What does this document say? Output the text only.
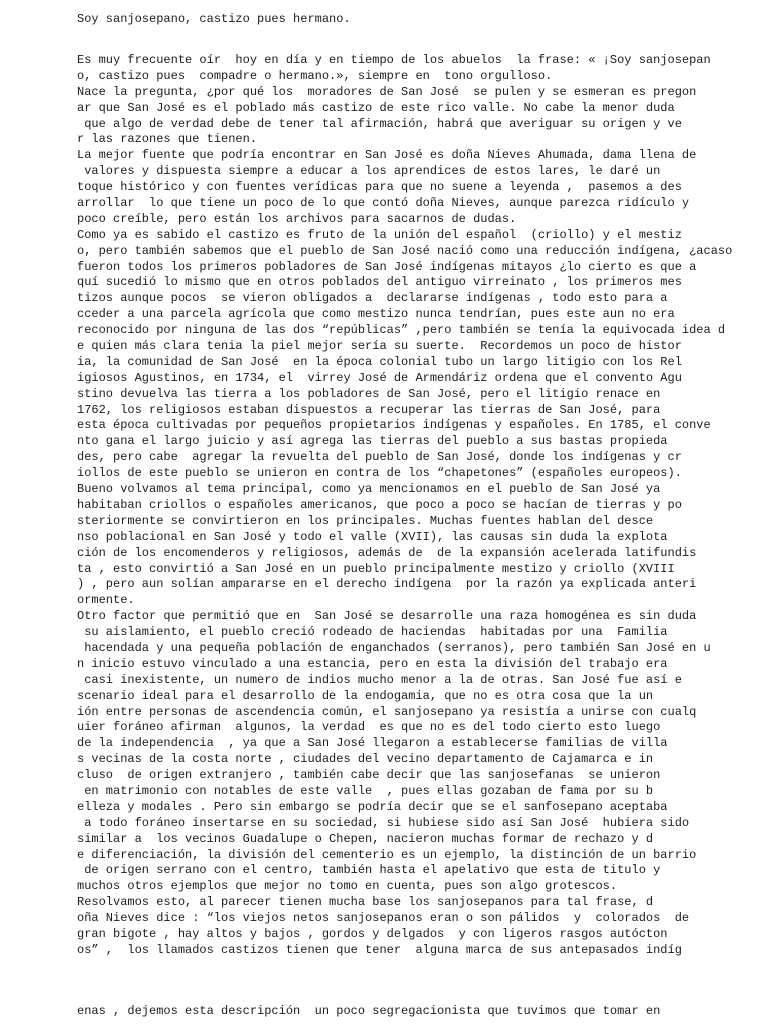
Soy sanjosepano, castizo pues hermano.
Es muy frecuente oír  hoy en día y en tiempo de los abuelos  la frase: « ¡Soy sanjosepan
o, castizo pues  compadre o hermano.», siempre en  tono orgulloso.
Nace la pregunta, ¿por qué los  moradores de San José  se pulen y se esmeran es pregon
ar que San José es el poblado más castizo de este rico valle. No cabe la menor duda
que algo de verdad debe de tener tal afirmación, habrá que averiguar su origen y ve
r las razones que tienen.
La mejor fuente que podría encontrar en San José es doña Nieves Ahumada, dama llena de
valores y dispuesta siempre a educar a los aprendices de estos lares, le daré un
toque histórico y con fuentes verídicas para que no suene a leyenda ,  pasemos a des
arrollar  lo que tiene un poco de lo que contó doña Nieves, aunque parezca ridículo y
poco creíble, pero están los archivos para sacarnos de dudas.
Como ya es sabido el castizo es fruto de la unión del español  (criollo) y el mestiz
o, pero también sabemos que el pueblo de San José nació como una reducción indígena, ¿acaso
fueron todos los primeros pobladores de San José indígenas mitayos ¿lo cierto es que a
quí sucedió lo mismo que en otros poblados del antiguo virreinato , los primeros mes
tizos aunque pocos  se vieron obligados a  declararse indígenas , todo esto para a
cceder a una parcela agrícola que como mestizo nunca tendrían, pues este aun no era
reconocido por ninguna de las dos “repúblicas” ,pero también se tenía la equivocada idea d
e quien más clara tenia la piel mejor sería su suerte.  Recordemos un poco de histor
ia, la comunidad de San José  en la época colonial tubo un largo litigio con los Rel
igiosos Agustinos, en 1734, el  virrey José de Armendáriz ordena que el convento Agu
stino devuelva las tierra a los pobladores de San José, pero el litigio renace en
1762, los religiosos estaban dispuestos a recuperar las tierras de San José, para
esta época cultivadas por pequeños propietarios indígenas y españoles. En 1785, el conve
nto gana el largo juicio y así agrega las tierras del pueblo a sus bastas propieda
des, pero cabe  agregar la revuelta del pueblo de San José, donde los indígenas y cr
iollos de este pueblo se unieron en contra de los “chapetones” (españoles europeos).
Bueno volvamos al tema principal, como ya mencionamos en el pueblo de San José ya
habitaban criollos o españoles americanos, que poco a poco se hacían de tierras y po
steriormente se convirtieron en los principales. Muchas fuentes hablan del desce
nso poblacional en San José y todo el valle (XVII), las causas sin duda la explota
ción de los encomenderos y religiosos, además de  de la expansión acelerada latifundis
ta , esto convirtió a San José en un pueblo principalmente mestizo y criollo (XVIII
) , pero aun solían ampararse en el derecho indígena  por la razón ya explicada anteri
ormente.
Otro factor que permitió que en  San José se desarrolle una raza homogénea es sin duda
su aislamiento, el pueblo creció rodeado de haciendas  habitadas por una  Familia
hacendada y una pequeña población de enganchados (serranos), pero también San José en u
n inicio estuvo vinculado a una estancia, pero en esta la división del trabajo era
casi inexistente, un numero de indios mucho menor a la de otras. San José fue así e
scenario ideal para el desarrollo de la endogamia, que no es otra cosa que la un
ión entre personas de ascendencia común, el sanjosepano ya resistía a unirse con cualq
uier foráneo afirman  algunos, la verdad  es que no es del todo cierto esto luego
de la independencia  , ya que a San José llegaron a establecerse familias de villa
s vecinas de la costa norte , ciudades del vecino departamento de Cajamarca e in
cluso  de origen extranjero , también cabe decir que las sanjosefanas  se unieron
en matrimonio con notables de este valle  , pues ellas gozaban de fama por su b
elleza y modales . Pero sin embargo se podría decir que se el sanfosepano aceptaba
a todo foráneo insertarse en su sociedad, si hubiese sido así San José  hubiera sido
similar a  los vecinos Guadalupe o Chepen, nacieron muchas formar de rechazo y d
e diferenciación, la división del cementerio es un ejemplo, la distinción de un barrio
de origen serrano con el centro, también hasta el apelativo que esta de titulo y
muchos otros ejemplos que mejor no tomo en cuenta, pues son algo grotescos.
Resolvamos esto, al parecer tienen mucha base los sanjosepanos para tal frase, d
oña Nieves dice : “los viejos netos sanjosepanos eran o son pálidos  y  colorados  de
gran bigote , hay altos y bajos , gordos y delgados  y con ligeros rasgos autócton
os” ,  los llamados castizos tienen que tener  alguna marca de sus antepasados indíg
enas , dejemos esta descripción  un poco segregacionista que tuvimos que tomar en
